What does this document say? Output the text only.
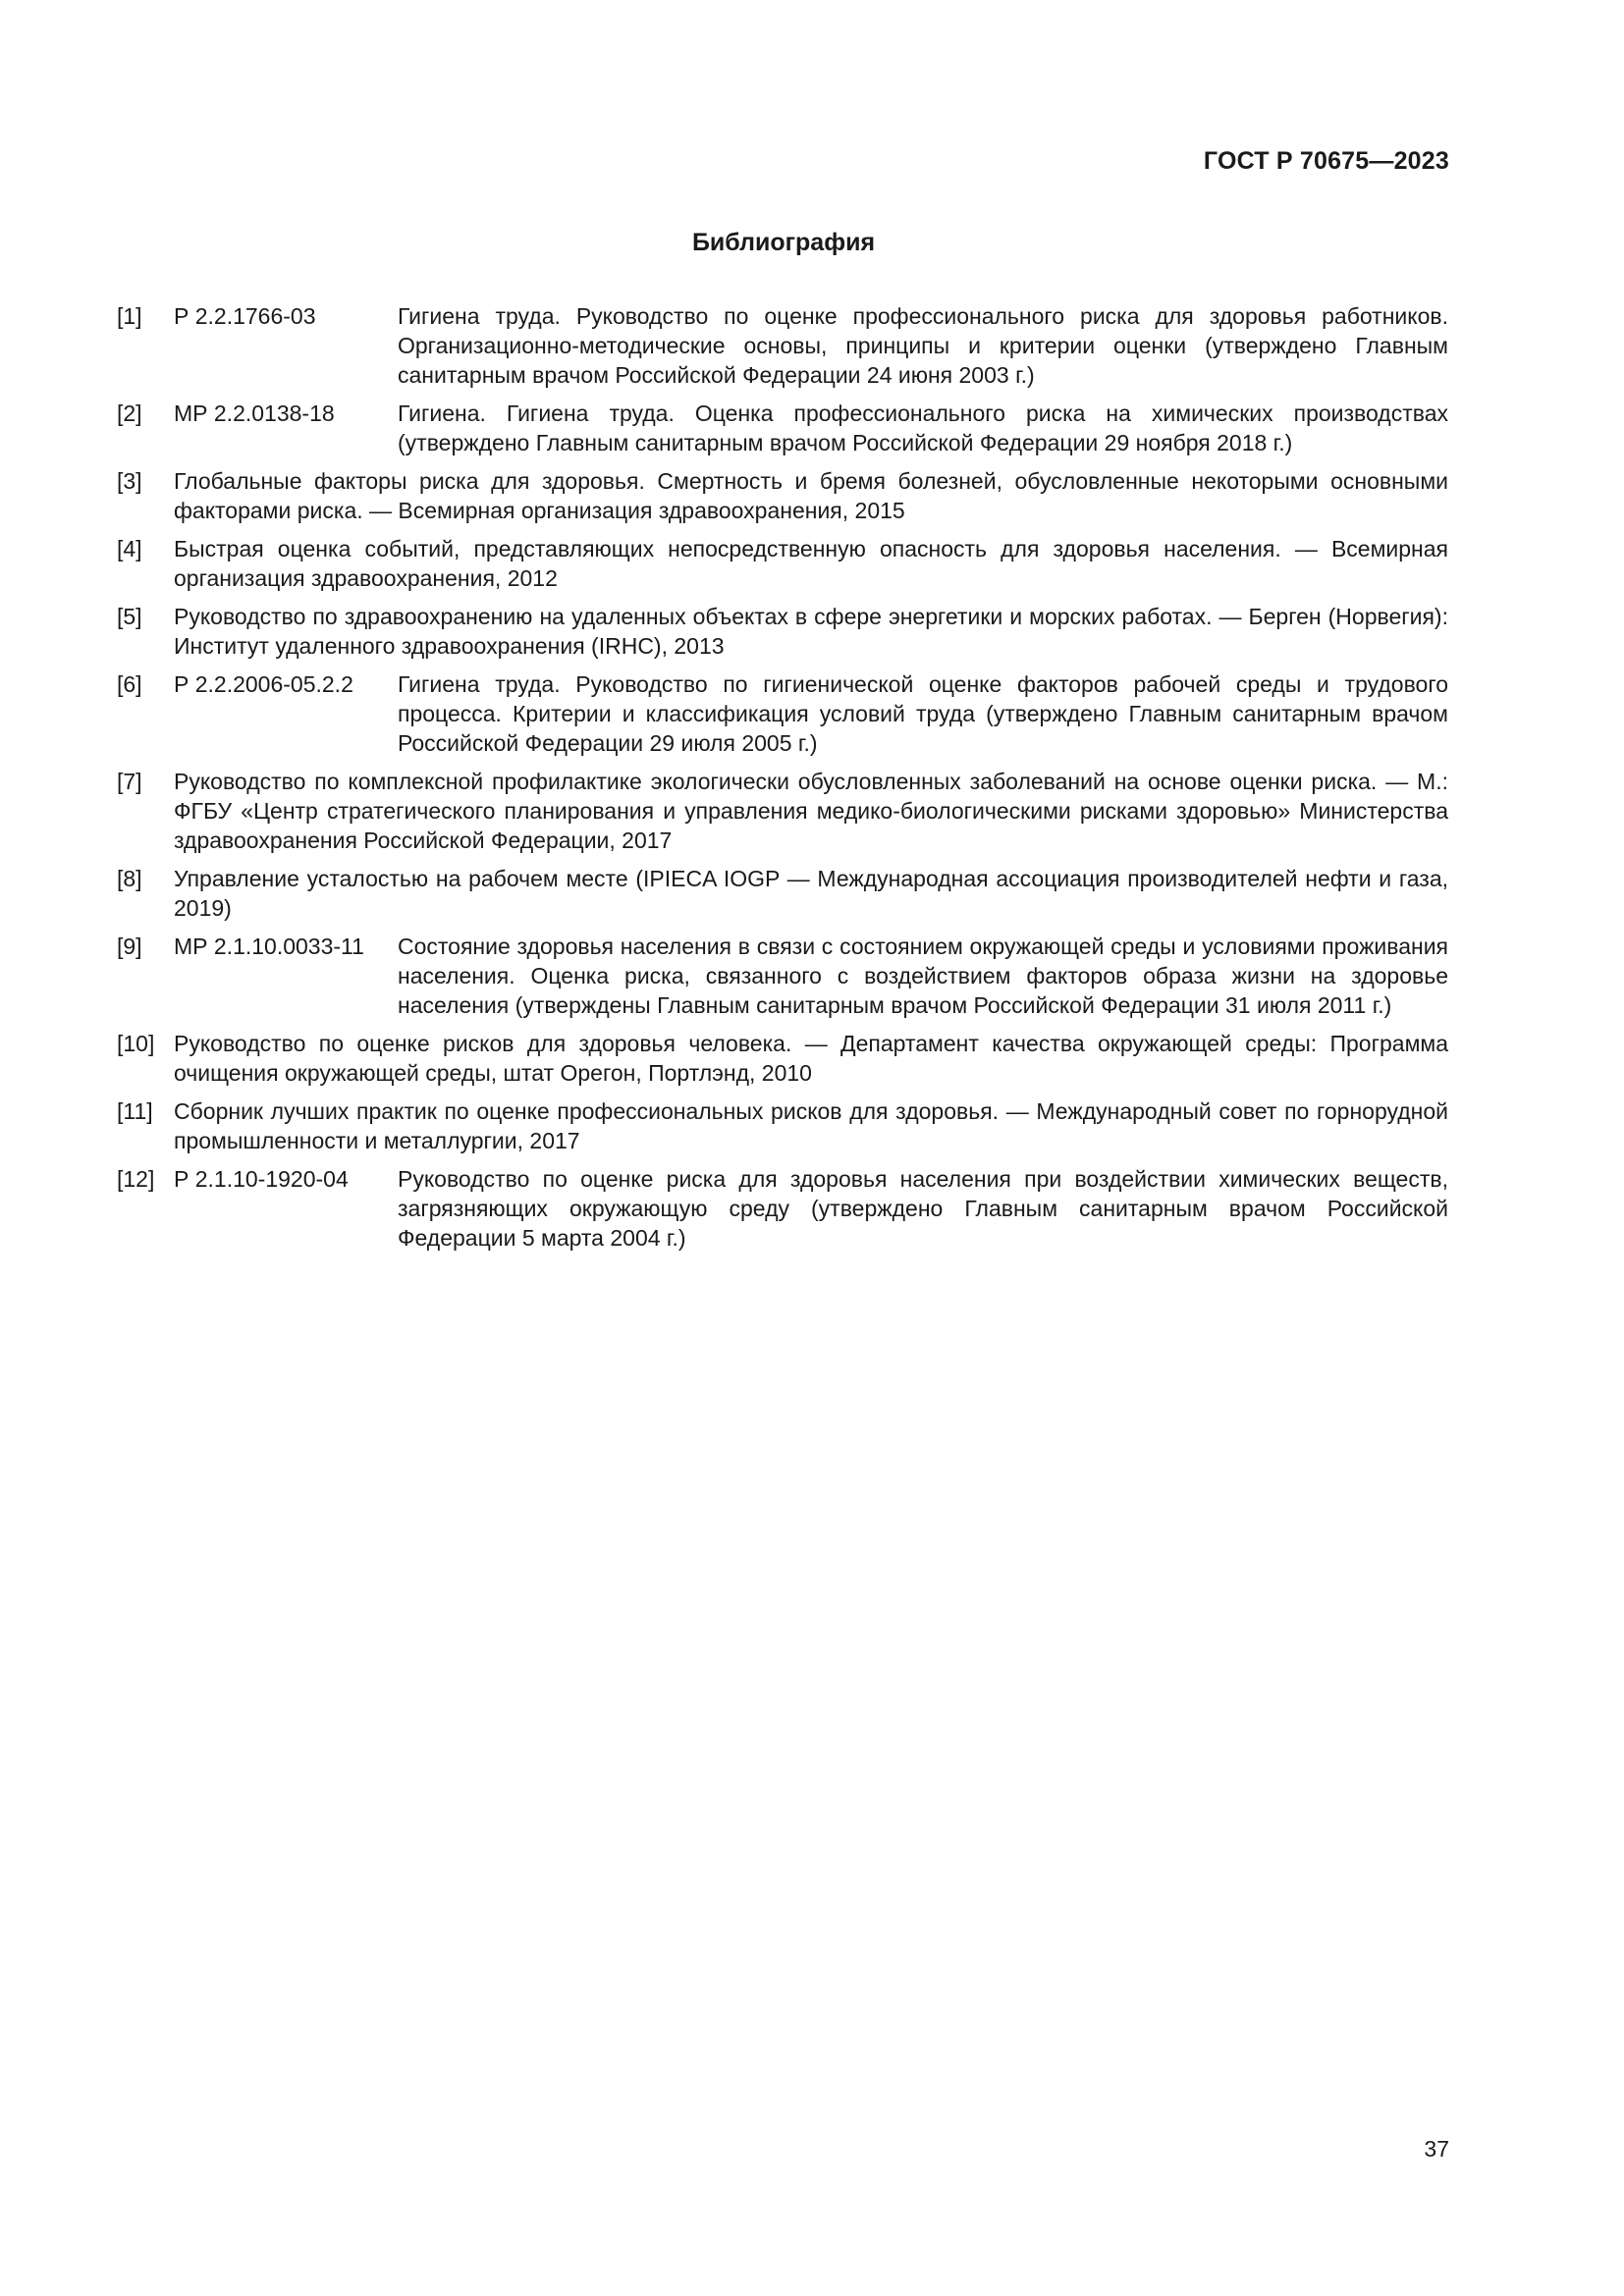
ГОСТ Р 70675—2023
Библиография
[1]	Р 2.2.1766-03	Гигиена труда. Руководство по оценке профессионального риска для здоровья работников. Организационно-методические основы, принципы и критерии оценки (утверждено Главным санитарным врачом Российской Федерации 24 июня 2003 г.)
[2]	МР 2.2.0138-18	Гигиена. Гигиена труда. Оценка профессионального риска на химических производствах (утверждено Главным санитарным врачом Российской Федерации 29 ноября 2018 г.)
[3]	Глобальные факторы риска для здоровья. Смертность и бремя болезней, обусловленные некоторыми основными факторами риска. — Всемирная организация здравоохранения, 2015
[4]	Быстрая оценка событий, представляющих непосредственную опасность для здоровья населения. — Всемирная организация здравоохранения, 2012
[5]	Руководство по здравоохранению на удаленных объектах в сфере энергетики и морских работах. — Берген (Норвегия): Институт удаленного здравоохранения (IRHC), 2013
[6]	Р 2.2.2006-05.2.2	Гигиена труда. Руководство по гигиенической оценке факторов рабочей среды и трудового процесса. Критерии и классификация условий труда (утверждено Главным санитарным врачом Российской Федерации 29 июля 2005 г.)
[7]	Руководство по комплексной профилактике экологически обусловленных заболеваний на основе оценки риска. — М.: ФГБУ «Центр стратегического планирования и управления медико-биологическими рисками здоровью» Министерства здравоохранения Российской Федерации, 2017
[8]	Управление усталостью на рабочем месте (IPIECA IOGP — Международная ассоциация производителей нефти и газа, 2019)
[9]	МР 2.1.10.0033-11	Состояние здоровья населения в связи с состоянием окружающей среды и условиями проживания населения. Оценка риска, связанного с воздействием факторов образа жизни на здоровье населения (утверждены Главным санитарным врачом Российской Федерации 31 июля 2011 г.)
[10] Руководство по оценке рисков для здоровья человека. — Департамент качества окружающей среды: Программа очищения окружающей среды, штат Орегон, Портлэнд, 2010
[11] Сборник лучших практик по оценке профессиональных рисков для здоровья. — Международный совет по горнорудной промышленности и металлургии, 2017
[12] Р 2.1.10-1920-04	Руководство по оценке риска для здоровья населения при воздействии химических веществ, загрязняющих окружающую среду (утверждено Главным санитарным врачом Российской Федерации 5 марта 2004 г.)
37
